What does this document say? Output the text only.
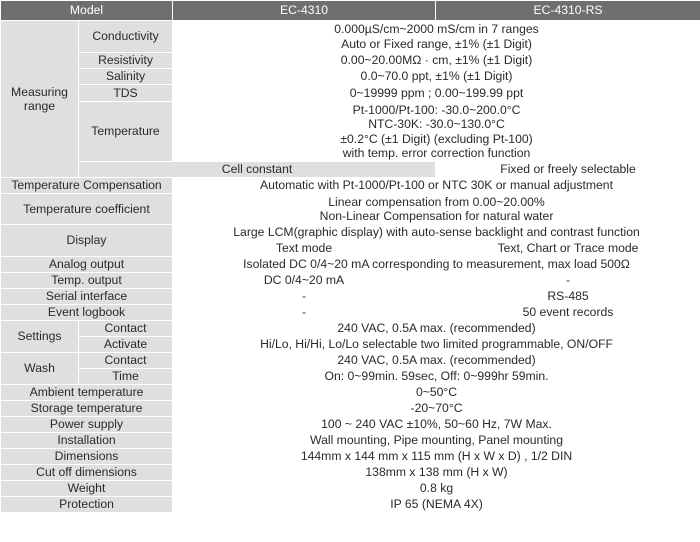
Model		EC-4310	EC-4310-RS
Measuring range	Conductivity	0.000µS/cm~2000 mS/cm in 7 ranges
Auto or Fixed range, ±1% (±1 Digit)	

	Resistivity	0.00~20.00MΩ · cm, ±1% (±1 Digit)	
	Salinity	0.0~70.0 ppt, ±1% (±1 Digit)	
	TDS	0~19999 ppm ; 0.00~199.99 ppt	
	Temperature	Pt-1000/Pt-100: -30.0~200.0°C
NTC-30K: -30.0~130.0°C
±0.2°C (±1 Digit) (excluding Pt-100)
with temp. error correction function	

	Cell constant		Fixed or freely selectable
Temperature Compensation		Automatic with Pt-1000/Pt-100 or NTC 30K or manual adjustment	
Temperature coefficient		Linear compensation from 0.00~20.00%
Non-Linear Compensation for natural water	

Display		Large LCM(graphic display) with auto-sense backlight and contrast function	
		Text mode	Text, Chart or Trace mode
Analog output		Isolated DC 0/4~20 mA corresponding to measurement, max load 500Ω	
Temp. output		DC 0/4~20 mA	-
Serial interface		-	RS-485
Event logbook		-	50 event records
Settings	Contact	240 VAC, 0.5A max. (recommended)	
	Activate	Hi/Lo, Hi/Hi, Lo/Lo selectable two limited programmable, ON/OFF	
Wash	Contact	240 VAC, 0.5A max. (recommended)	
	Time	On: 0~99min. 59sec, Off: 0~999hr 59min.	
Ambient temperature		0~50°C	
Storage temperature		-20~70°C	
Power supply		100 ~ 240 VAC ±10%, 50~60 Hz, 7W Max.	
Installation		Wall mounting, Pipe mounting, Panel mounting	
Dimensions		144mm x 144 mm x 115 mm (H x W x D) , 1/2 DIN	
Cut off dimensions		138mm x 138 mm (H x W)	
Weight		0.8 kg	
Protection		IP 65 (NEMA 4X)	
